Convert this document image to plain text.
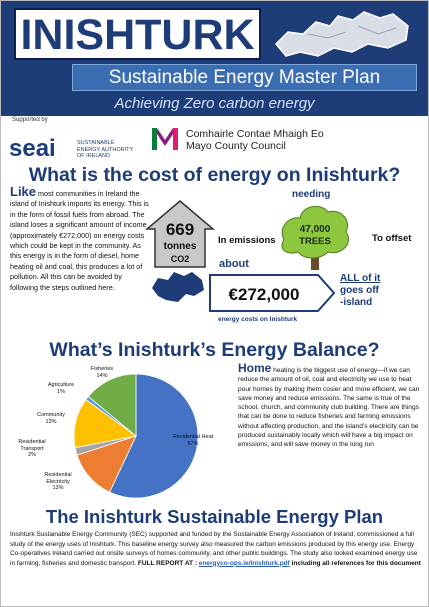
INISHTURK
Sustainable Energy Master Plan
Achieving Zero carbon energy
Supported by
seai	SUSTAINABLE ENERGY AUTHORITY OF IRELAND
Comhairle Contae Mhaigh Eo
Mayo County Council
What is the cost of energy on Inishturk?

Like most communities in Ireland the island of Inishturk imports its energy. This is in the form of fossil fuels from abroad. The island loses a significant amount of income (approximately €272,000) on energy costs which could be kept in the community. As this energy is in the form of diesel, home heating oil and coal, this produces a lot of pollution. All this can be avoided by following the steps outlined here.

669
tonnes
CO2
In emissions
needing
47,000
TREES	To offset
about
€272,000
energy costs on Inishturk
ALL of it
goes off
-island
What’s Inishturk’s Energy Balance?
Residential Heat
57%
Residential Electricity
13%
Residential Transport
2%
Community
13%
Agriculture
1%
Fisheries
14%

Home heating is the biggest use of energy—if we can reduce the amount of oil, coal and electricity we use to heat pour homes by making them cosier and more efficient, we can save money and reduce emissions. The same is true of the school, church, and community club building. There are things that can be done to reduce fisheries and farming emissions without affecting production, and the island’s electricity can be produced sustainably locally which will have a big impact on emissions, and will save money in the long run

The Inishturk Sustainable Energy Plan

Inishturk Sustainable Energy Community (SEC) supported and funded by the Sustainable Energy Association of Ireland, commissioned a full study of the energy uses of Inishturk. This baseline energy survey also measured the carbon emissions produced by this energy use. Energy Co-operatives Ireland carried out onsite surveys of homes community, and other public buildings. The study also looked examined energy use in farming, fisheries and domestic transport. FULL REPORT AT : energyco-ops.ie/Inishturk.pdf including all references for this document
